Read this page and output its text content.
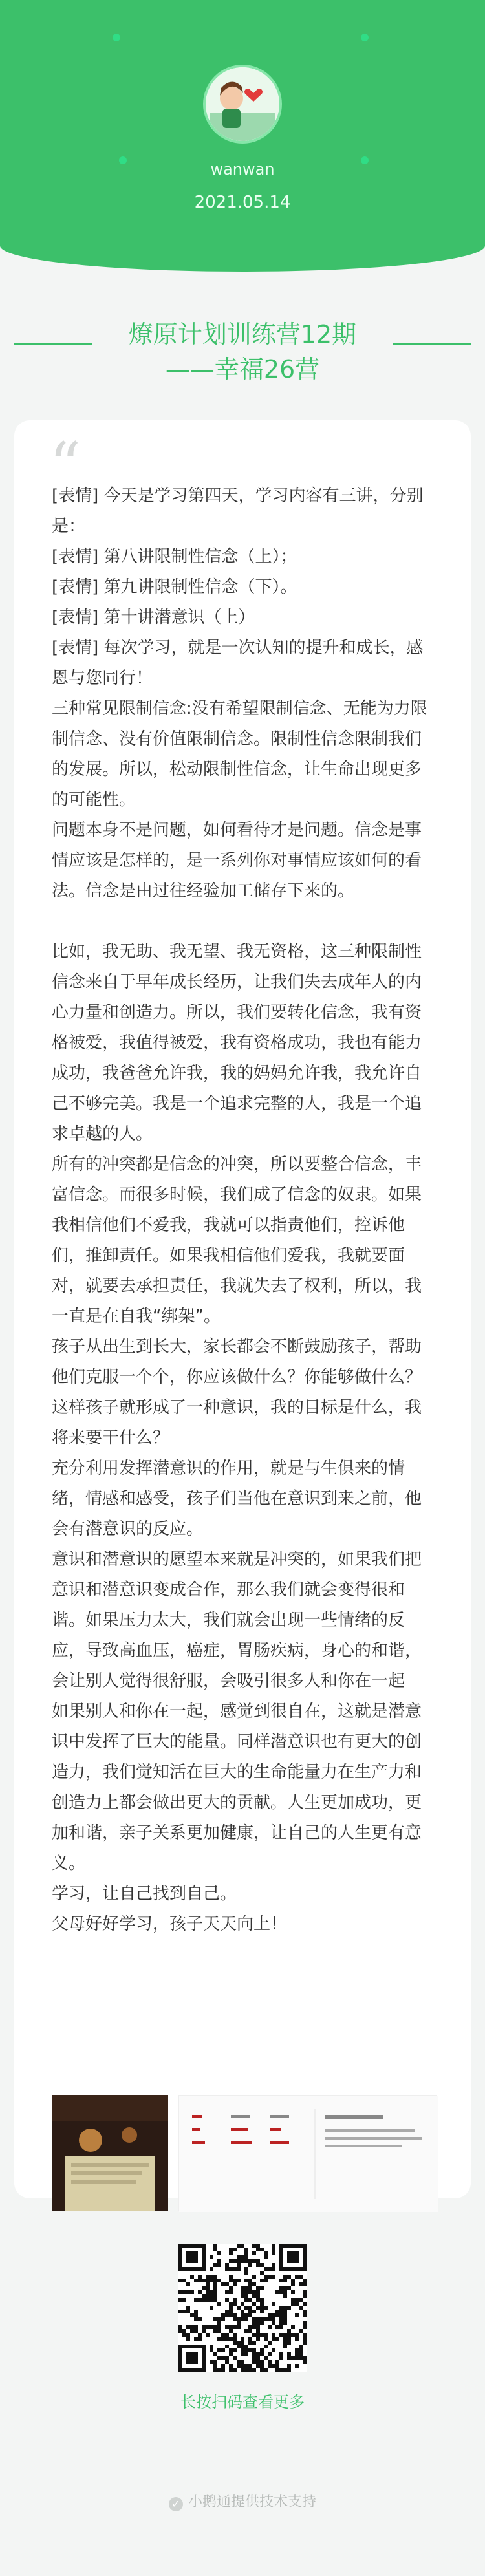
wanwan
2021.05.14
燎原计划训练营12期
——幸福26营
“

[表情] 今天是学习第四天，学习内容有三讲，分别是：

[表情] 第八讲限制性信念（上）；

[表情] 第九讲限制性信念（下）。

[表情] 第十讲潜意识（上）

[表情] 每次学习，就是一次认知的提升和成长，感恩与您同行！

三种常见限制信念:没有希望限制信念、无能为力限制信念、没有价值限制信念。限制性信念限制我们的发展。所以，松动限制性信念，让生命出现更多的可能性。

问题本身不是问题，如何看待才是问题。信念是事情应该是怎样的，是一系列你对事情应该如何的看法。信念是由过往经验加工储存下来的。

比如，我无助、我无望、我无资格，这三种限制性信念来自于早年成长经历，让我们失去成年人的内心力量和创造力。所以，我们要转化信念，我有资格被爱，我值得被爱，我有资格成功，我也有能力成功，我爸爸允许我，我的妈妈允许我，我允许自己不够完美。我是一个追求完整的人，我是一个追求卓越的人。

所有的冲突都是信念的冲突，所以要整合信念，丰富信念。而很多时候，我们成了信念的奴隶。如果我相信他们不爱我，我就可以指责他们，控诉他们，推卸责任。如果我相信他们爱我，我就要面对，就要去承担责任，我就失去了权利，所以，我一直是在自我“绑架”。

孩子从出生到长大，家长都会不断鼓励孩子，帮助他们克服一个个，你应该做什么？你能够做什么？这样孩子就形成了一种意识，我的目标是什么，我将来要干什么？

充分利用发挥潜意识的作用，就是与生俱来的情绪，情感和感受，孩子们当他在意识到来之前，他会有潜意识的反应。

意识和潜意识的愿望本来就是冲突的，如果我们把意识和潜意识变成合作，那么我们就会变得很和谐。如果压力太大，我们就会出现一些情绪的反应，导致高血压，癌症，胃肠疾病，身心的和谐，会让别人觉得很舒服，会吸引很多人和你在一起

如果别人和你在一起，感觉到很自在，这就是潜意识中发挥了巨大的能量。同样潜意识也有更大的创造力，我们觉知活在巨大的生命能量力在生产力和创造力上都会做出更大的贡献。人生更加成功，更加和谐，亲子关系更加健康，让自己的人生更有意义。

学习，让自己找到自己。

父母好好学习，孩子天天向上！

长按扫码查看更多
✓ 小鹅通提供技术支持
